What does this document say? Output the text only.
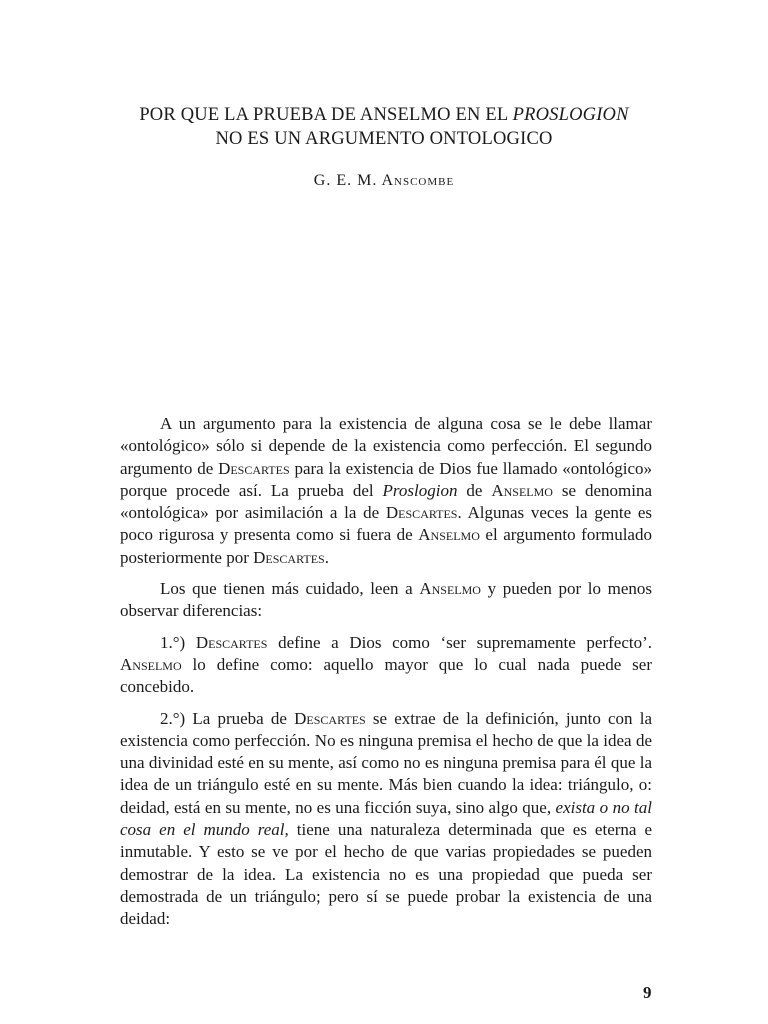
POR QUE LA PRUEBA DE ANSELMO EN EL PROSLOGION
NO ES UN ARGUMENTO ONTOLOGICO
G. E. M. Anscombe

A un argumento para la existencia de alguna cosa se le debe llamar «ontológico» sólo si depende de la existencia como perfección. El segundo argumento de Descartes para la existencia de Dios fue llamado «ontológico» porque procede así. La prueba del Proslogion de Anselmo se denomina «ontológica» por asimilación a la de Descartes. Algunas veces la gente es poco rigurosa y presenta como si fuera de Anselmo el argumento formulado posteriormente por Descartes.

Los que tienen más cuidado, leen a Anselmo y pueden por lo menos observar diferencias:

1.°) Descartes define a Dios como ‘ser supremamente perfecto’. Anselmo lo define como: aquello mayor que lo cual nada puede ser concebido.

2.°) La prueba de Descartes se extrae de la definición, junto con la existencia como perfección. No es ninguna premisa el hecho de que la idea de una divinidad esté en su mente, así como no es ninguna premisa para él que la idea de un triángulo esté en su mente. Más bien cuando la idea: triángulo, o: deidad, está en su mente, no es una ficción suya, sino algo que, exista o no tal cosa en el mundo real, tiene una naturaleza determinada que es eterna e inmutable. Y esto se ve por el hecho de que varias propiedades se pueden demostrar de la idea. La existencia no es una propiedad que pueda ser demostrada de un triángulo; pero sí se puede probar la existencia de una deidad:

9
